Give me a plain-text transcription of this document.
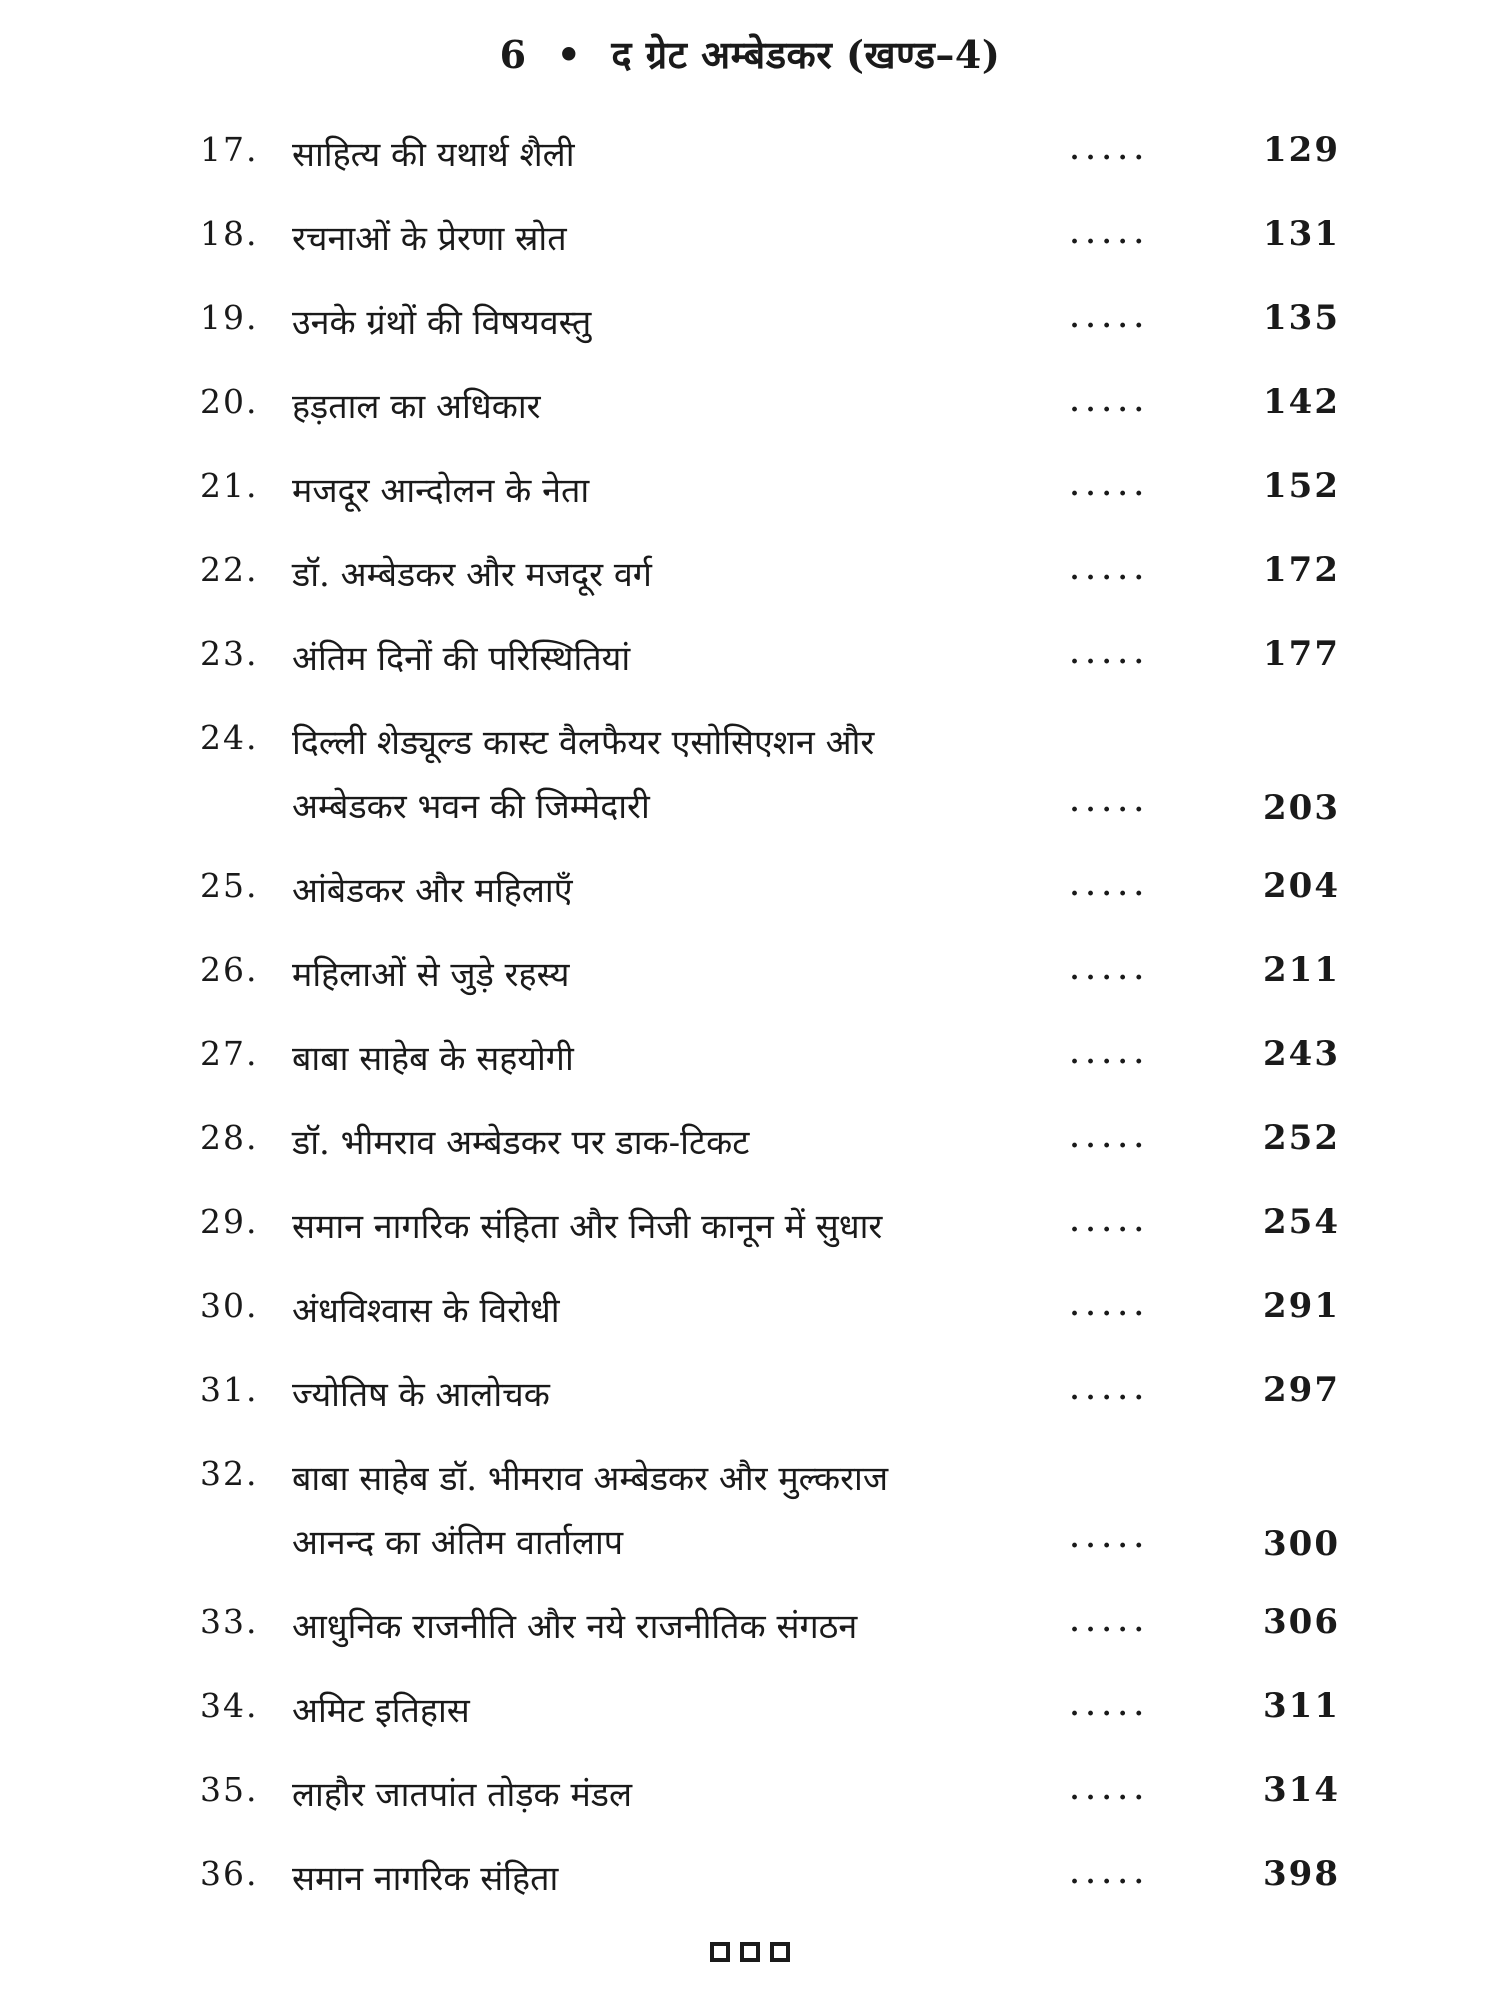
6 • द ग्रेट अम्बेडकर (खण्ड–4)
17. साहित्य की यथार्थ शैली	.....	129
18. रचनाओं के प्रेरणा स्रोत	.....	131
19. उनके ग्रंथों की विषयवस्तु	.....	135
20. हड़ताल का अधिकार	.....	142
21. मजदूर आन्दोलन के नेता	.....	152
22. डॉ. अम्बेडकर और मजदूर वर्ग	.....	172
23. अंतिम दिनों की परिस्थितियां	.....	177
24. दिल्ली शेड्यूल्ड कास्ट वैलफैयर एसोसिएशन और
अम्बेडकर भवन की जिम्मेदारी	.....	203
25. आंबेडकर और महिलाएँ	.....	204
26. महिलाओं से जुड़े रहस्य	.....	211
27. बाबा साहेब के सहयोगी	.....	243
28. डॉ. भीमराव अम्बेडकर पर डाक-टिकट	.....	252
29. समान नागरिक संहिता और निजी कानून में सुधार	.....	254
30. अंधविश्वास के विरोधी	.....	291
31. ज्योतिष के आलोचक	.....	297
32. बाबा साहेब डॉ. भीमराव अम्बेडकर और मुल्कराज
आनन्द का अंतिम वार्तालाप	.....	300
33. आधुनिक राजनीति और नये राजनीतिक संगठन	.....	306
34. अमिट इतिहास	.....	311
35. लाहौर जातपांत तोड़क मंडल	.....	314
36. समान नागरिक संहिता	.....	398
